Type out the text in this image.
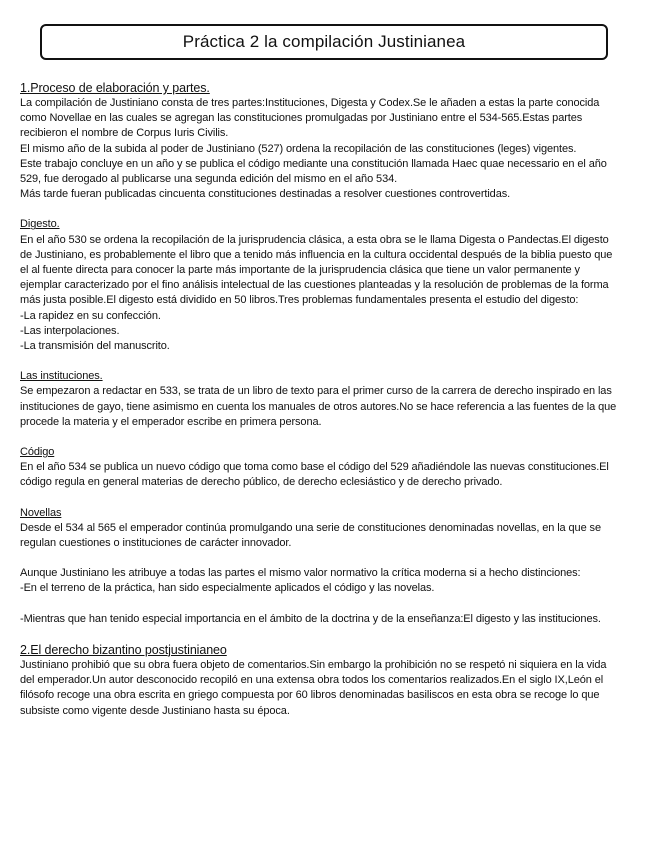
Práctica 2 la compilación Justinianea

1.Proceso de elaboración y partes.

La compilación de Justiniano consta de tres partes:Instituciones, Digesta y Codex.Se le añaden a estas la parte conocida como Novellae en las cuales se agregan las constituciones promulgadas por Justiniano entre el 534-565.Estas partes recibieron el nombre de Corpus Iuris Civilis.

El mismo año de la subida al poder de Justiniano (527) ordena la recopilación de las constituciones (leges) vigentes.

Este trabajo concluye en un año y se publica el código mediante una constitución llamada Haec quae necessario en el año 529, fue derogado al publicarse una segunda edición del mismo en el año 534.

Más tarde fueran publicadas cincuenta constituciones destinadas a resolver cuestiones controvertidas.

Digesto.

En el año 530 se ordena la recopilación de la jurisprudencia clásica, a esta obra se le llama Digesta o Pandectas.El digesto de Justiniano, es probablemente el libro que a tenido más influencia en la cultura occidental después de la biblia puesto que el al fuente directa para conocer la parte más importante de la jurisprudencia clásica que tiene un valor permanente y ejemplar caracterizado por el fino análisis intelectual de las cuestiones planteadas y la resolución de problemas de la forma más justa posible.El digesto está dividido en 50 libros.Tres problemas fundamentales presenta el estudio del digesto:

-La rapidez en su confección.

-Las interpolaciones.

-La transmisión del manuscrito.

Las instituciones.

Se empezaron a redactar en 533, se trata de un libro de texto para el primer curso de la carrera de derecho inspirado en las instituciones de gayo, tiene asimismo en cuenta los manuales de otros autores.No se hace referencia a las fuentes de la que procede la materia y el emperador escribe en primera persona.

Código

En el año 534 se publica un nuevo código que toma como base el código del 529 añadiéndole las nuevas constituciones.El código regula en general materias de derecho público, de derecho eclesiástico y de derecho privado.

Novellas

Desde el 534 al 565 el emperador continúa promulgando una serie de constituciones denominadas novellas, en la que se regulan cuestiones o instituciones de carácter innovador.

Aunque Justiniano les atribuye a todas las partes el mismo valor normativo la crítica moderna si a hecho distinciones:

-En el terreno de la práctica, han sido especialmente aplicados el código y las novelas.

-Mientras que han tenido especial importancia en el ámbito de la doctrina y de la enseñanza:El digesto y las instituciones.

2.El derecho bizantino postjustinianeo

Justiniano prohibió que su obra fuera objeto de comentarios.Sin embargo la prohibición no se respetó ni siquiera en la vida del emperador.Un autor desconocido recopiló en una extensa obra todos los comentarios realizados.En el siglo IX,León el filósofo recoge una obra escrita en griego compuesta por 60 libros denominadas basiliscos en esta obra se recoge lo que subsiste como vigente desde Justiniano hasta su época.
